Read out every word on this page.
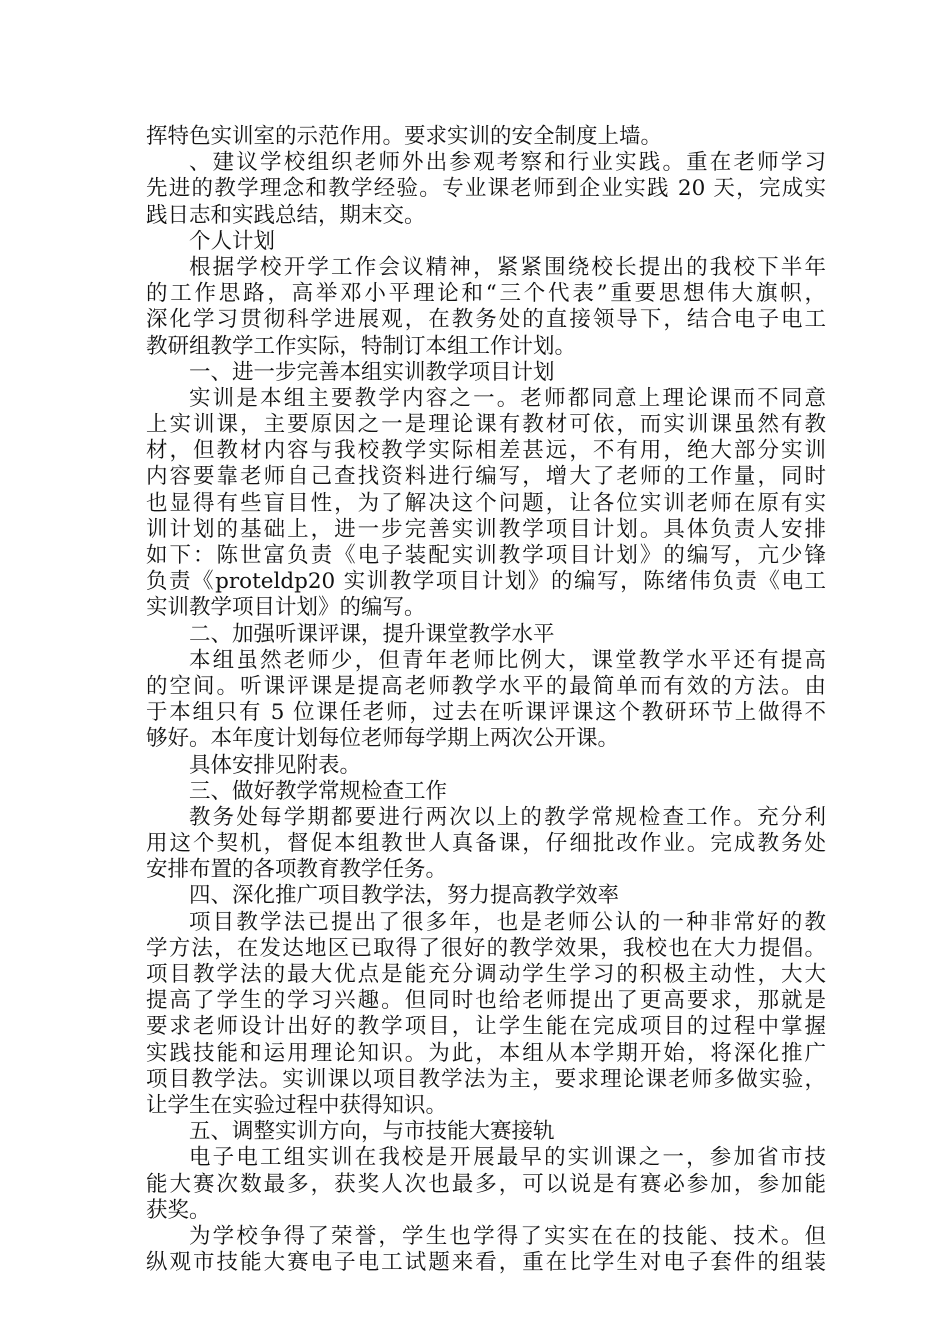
挥特色实训室的示范作用。要求实训的安全制度上墙。
、建议学校组织老师外出参观考察和行业实践。重在老师学习
先进的教学理念和教学经验。专业课老师到企业实践 20 天，完成实
践日志和实践总结，期末交。
个人计划
根据学校开学工作会议精神，紧紧围绕校长提出的我校下半年
的工作思路，高举邓小平理论和“三个代表”重要思想伟大旗帜，
深化学习贯彻科学进展观，在教务处的直接领导下，结合电子电工
教研组教学工作实际，特制订本组工作计划。
一、进一步完善本组实训教学项目计划
实训是本组主要教学内容之一。老师都同意上理论课而不同意
上实训课，主要原因之一是理论课有教材可依，而实训课虽然有教
材，但教材内容与我校教学实际相差甚远，不有用，绝大部分实训
内容要靠老师自己查找资料进行编写，增大了老师的工作量，同时
也显得有些盲目性，为了解决这个问题，让各位实训老师在原有实
训计划的基础上，进一步完善实训教学项目计划。具体负责人安排
如下：陈世富负责《电子装配实训教学项目计划》的编写，亢少锋
负责《proteldp20 实训教学项目计划》的编写，陈绪伟负责《电工
实训教学项目计划》的编写。
二、加强听课评课，提升课堂教学水平
本组虽然老师少，但青年老师比例大，课堂教学水平还有提高
的空间。听课评课是提高老师教学水平的最简单而有效的方法。由
于本组只有 5 位课任老师，过去在听课评课这个教研环节上做得不
够好。本年度计划每位老师每学期上两次公开课。
具体安排见附表。
三、做好教学常规检查工作
教务处每学期都要进行两次以上的教学常规检查工作。充分利
用这个契机，督促本组教世人真备课，仔细批改作业。完成教务处
安排布置的各项教育教学任务。
四、深化推广项目教学法，努力提高教学效率
项目教学法已提出了很多年，也是老师公认的一种非常好的教
学方法，在发达地区已取得了很好的教学效果，我校也在大力提倡。
项目教学法的最大优点是能充分调动学生学习的积极主动性，大大
提高了学生的学习兴趣。但同时也给老师提出了更高要求，那就是
要求老师设计出好的教学项目，让学生能在完成项目的过程中掌握
实践技能和运用理论知识。为此，本组从本学期开始，将深化推广
项目教学法。实训课以项目教学法为主，要求理论课老师多做实验，
让学生在实验过程中获得知识。
五、调整实训方向，与市技能大赛接轨
电子电工组实训在我校是开展最早的实训课之一，参加省市技
能大赛次数最多，获奖人次也最多，可以说是有赛必参加，参加能
获奖。
为学校争得了荣誉，学生也学得了实实在在的技能、技术。但
纵观市技能大赛电子电工试题来看，重在比学生对电子套件的组装
